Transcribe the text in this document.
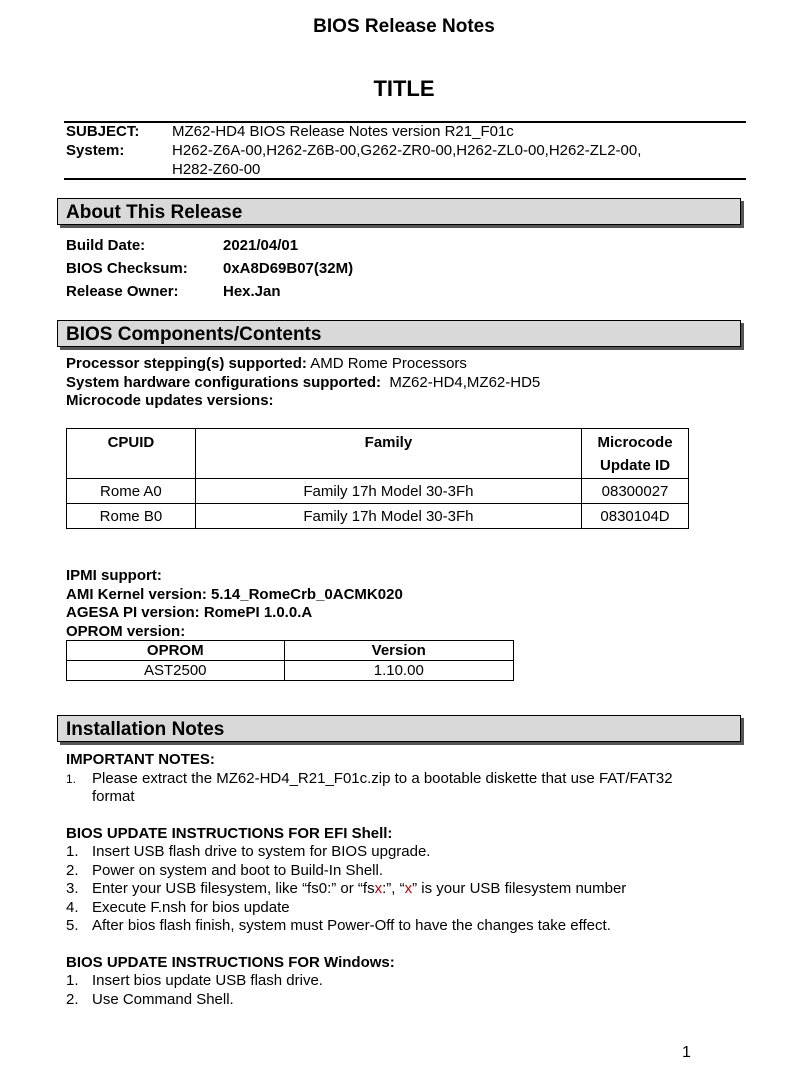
BIOS Release Notes
TITLE
SUBJECT:	MZ62-HD4 BIOS Release Notes version R21_F01c
System:	H262-Z6A-00,H262-Z6B-00,G262-ZR0-00,H262-ZL0-00,H262-ZL2-00,
H282-Z60-00
About This Release
Build Date:	2021/04/01
BIOS Checksum:	0xA8D69B07(32M)
Release Owner:	Hex.Jan
BIOS Components/Contents
Processor stepping(s) supported: AMD Rome Processors
System hardware configurations supported:  MZ62-HD4,MZ62-HD5
Microcode updates versions:
CPUID	Family	Microcode
Update ID

Rome A0	Family 17h Model 30-3Fh	08300027
Rome B0	Family 17h Model 30-3Fh	0830104D
IPMI support:
AMI Kernel version: 5.14_RomeCrb_0ACMK020
AGESA PI version: RomePI 1.0.0.A
OPROM version:
OPROM	Version
AST2500	1.10.00
Installation Notes
IMPORTANT NOTES:
1.	Please extract the MZ62-HD4_R21_F01c.zip to a bootable diskette that use FAT/FAT32
format
BIOS UPDATE INSTRUCTIONS FOR EFI Shell:
1. Insert USB flash drive to system for BIOS upgrade.
2. Power on system and boot to Build-In Shell.
3. Enter your USB filesystem, like “fs0:” or “fsx:”, “x” is your USB filesystem number
4. Execute F.nsh for bios update
5. After bios flash finish, system must Power-Off to have the changes take effect.
BIOS UPDATE INSTRUCTIONS FOR Windows:
1. Insert bios update USB flash drive.
2. Use Command Shell.
1
